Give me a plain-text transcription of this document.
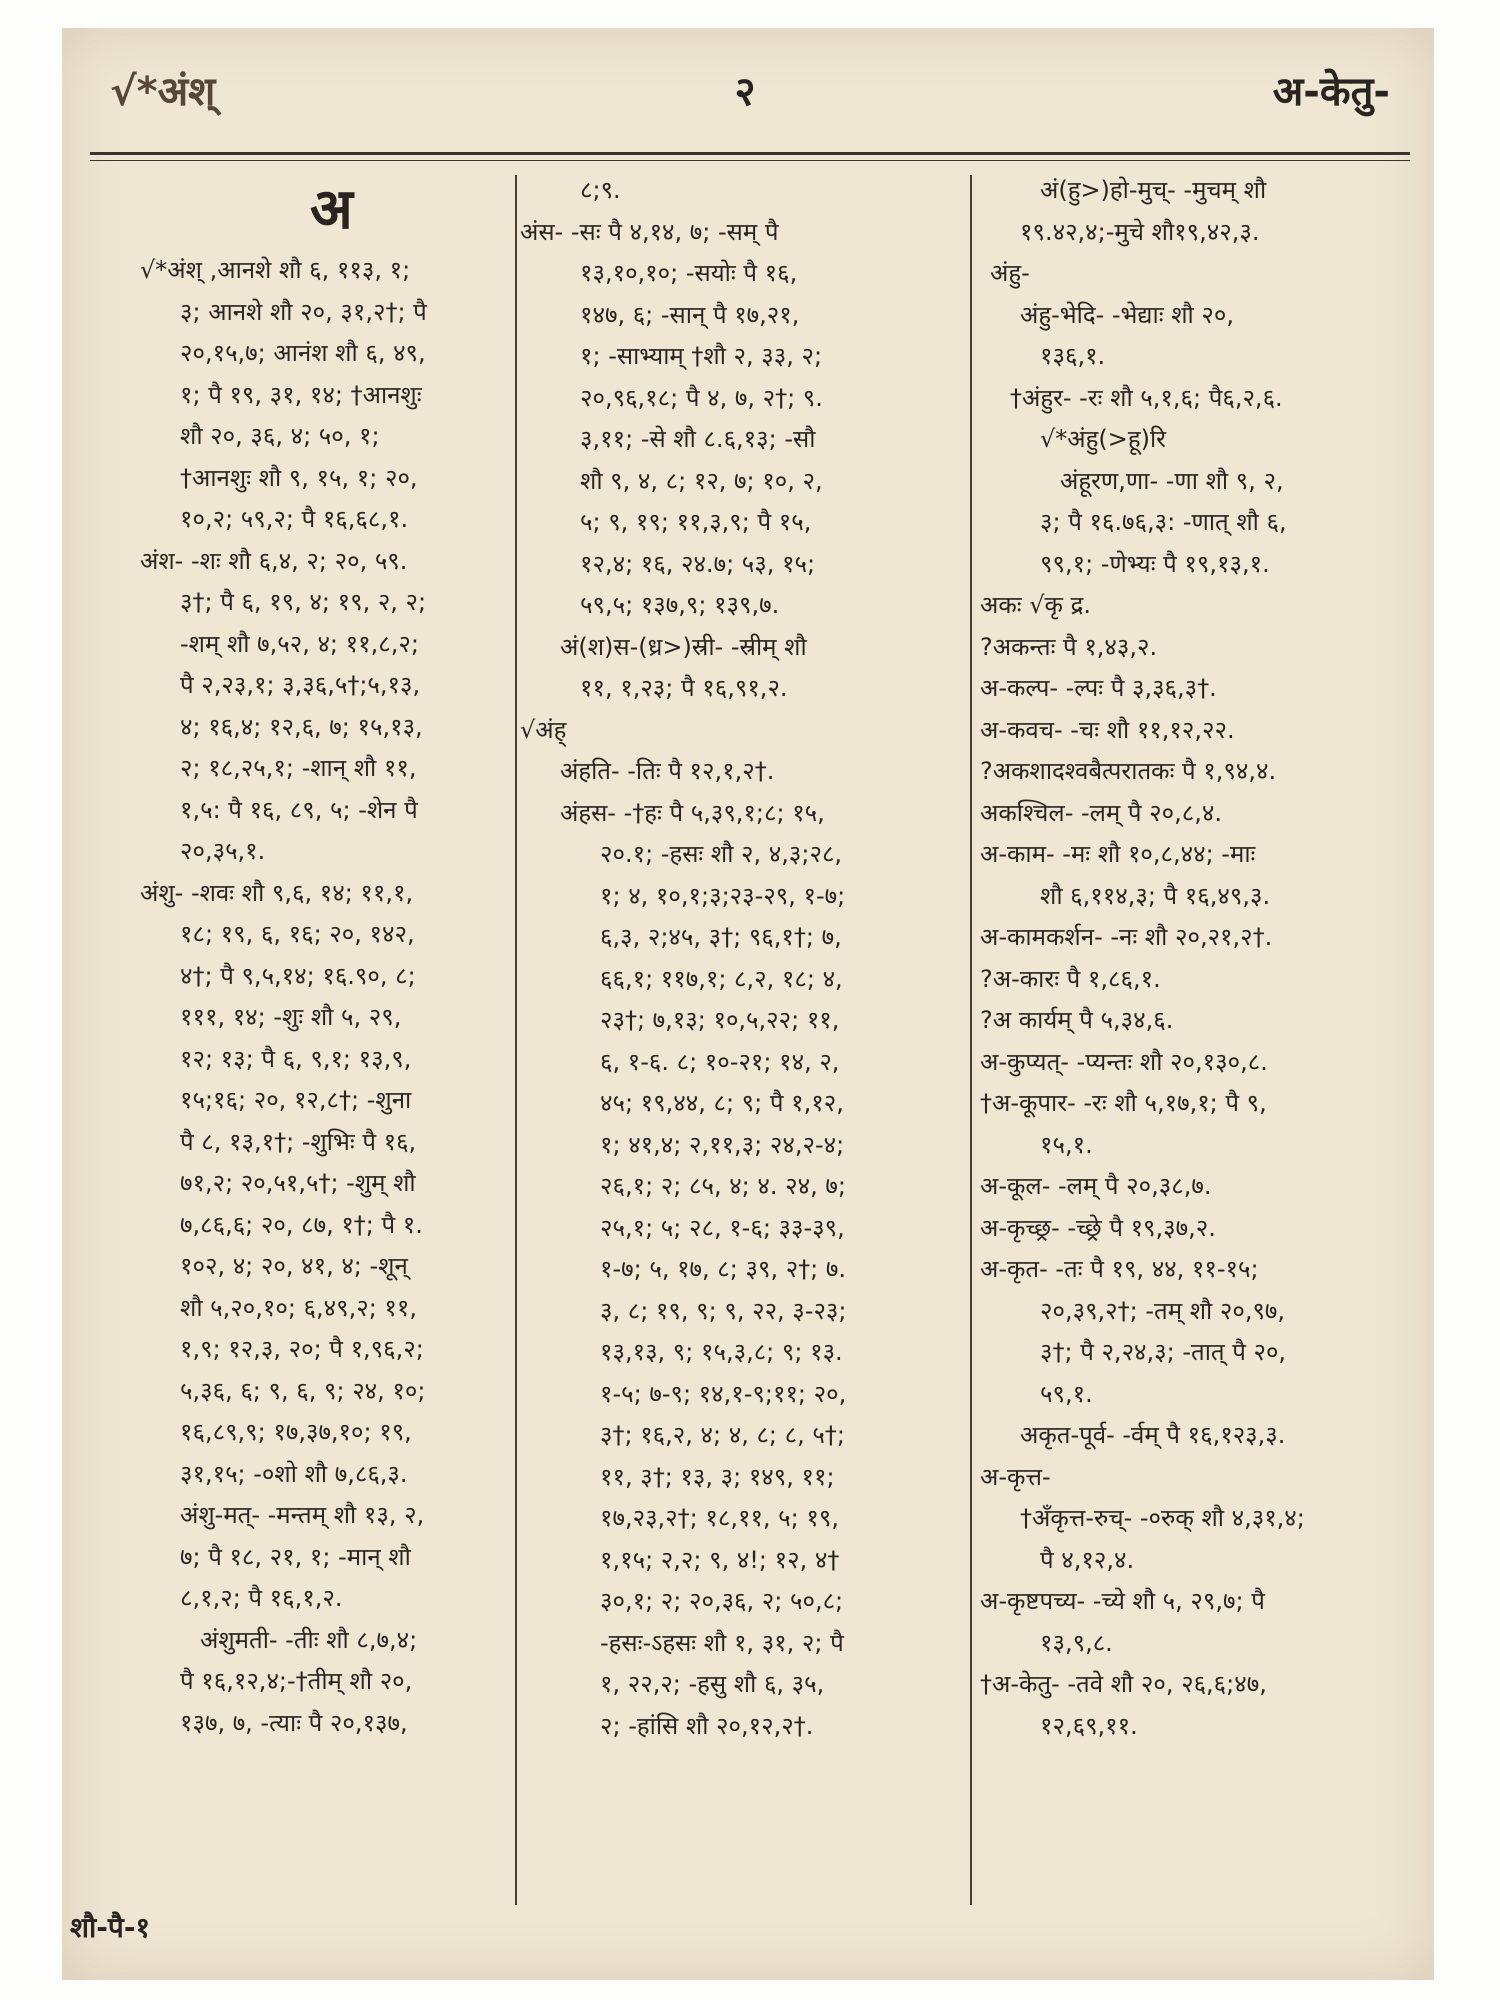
√*अंश्	२	अ-केतु-
अ
√*अंश् ,आनशे शौ ६, ११३, १;
३; आनशे शौ २०, ३१,२†; पै
२०,१५,७; आनंश शौ ६, ४९,
१; पै १९, ३१, १४; †आनशुः
शौ २०, ३६, ४; ५०, १;
†आनशुः शौ ९, १५, १; २०,
१०,२; ५९,२; पै १६,६८,१.
अंश- -शः शौ ६,४, २; २०, ५९.
३†; पै ६, १९, ४; १९, २, २;
-शम् शौ ७,५२, ४; ११,८,२;
पै २,२३,१; ३,३६,५†;५,१३,
४; १६,४; १२,६, ७; १५,१३,
२; १८,२५,१; -शान् शौ ११,
१,५: पै १६, ८९, ५; -शेन पै
२०,३५,१.
अंशु- -शवः शौ ९,६, १४; ११,१,
१८; १९, ६, १६; २०, १४२,
४†; पै ९,५,१४; १६.९०, ८;
१११, १४; -शुः शौ ५, २९,
१२; १३; पै ६, ९,१; १३,९,
१५;१६; २०, १२,८†; -शुना
पै ८, १३,१†; -शुभिः पै १६,
७१,२; २०,५१,५†; -शुम् शौ
७,८६,६; २०, ८७, १†; पै १.
१०२, ४; २०, ४१, ४; -शून्
शौ ५,२०,१०; ६,४९,२; ११,
१,९; १२,३, २०; पै १,९६,२;
५,३६, ६; ९, ६, ९; २४, १०;
१६,८९,९; १७,३७,१०; १९,
३१,१५; -०शो शौ ७,८६,३.
अंशु-मत्- -मन्तम् शौ १३, २,
७; पै १८, २१, १; -मान् शौ
८,१,२; पै १६,१,२.
अंशुमती- -तीः शौ ८,७,४;
पै १६,१२,४;-†तीम् शौ २०,
१३७, ७, -त्याः पै २०,१३७,
८;९.
अंस- -सः पै ४,१४, ७; -सम् पै
१३,१०,१०; -सयोः पै १६,
१४७, ६; -सान् पै १७,२१,
१; -साभ्याम् †शौ २, ३३, २;
२०,९६,१८; पै ४, ७, २†; ९.
३,११; -से शौ ८.६,१३; -सौ
शौ ९, ४, ८; १२, ७; १०, २,
५; ९, १९; ११,३,९; पै १५,
१२,४; १६, २४.७; ५३, १५;
५९,५; १३७,९; १३९,७.
अं(श)स-(ध्र>)स्री- -स्रीम् शौ
११, १,२३; पै १६,९१,२.
√अंह्
अंहति- -तिः पै १२,१,२†.
अंहस- -†हः पै ५,३९,१;८; १५,
२०.१; -हसः शौ २, ४,३;२८,
१; ४, १०,१;३;२३-२९, १-७;
६,३, २;४५, ३†; ९६,१†; ७,
६६,१; ११७,१; ८,२, १८; ४,
२३†; ७,१३; १०,५,२२; ११,
६, १-६. ८; १०-२१; १४, २,
४५; १९,४४, ८; ९; पै १,१२,
१; ४१,४; २,११,३; २४,२-४;
२६,१; २; ८५, ४; ४. २४, ७;
२५,१; ५; २८, १-६; ३३-३९,
१-७; ५, १७, ८; ३९, २†; ७.
३, ८; १९, ९; ९, २२, ३-२३;
१३,१३, ९; १५,३,८; ९; १३.
१-५; ७-९; १४,१-९;११; २०,
३†; १६,२, ४; ४, ८; ८, ५†;
११, ३†; १३, ३; १४९, ११;
१७,२३,२†; १८,११, ५; १९,
१,१५; २,२; ९, ४!; १२, ४†
३०,१; २; २०,३६, २; ५०,८;
-हसः-ऽहसः शौ १, ३१, २; पै
१, २२,२; -हसु शौ ६, ३५,
२; -हांसि शौ २०,१२,२†.
अं(हु>)हो-मुच्- -मुचम् शौ
१९.४२,४;-मुचे शौ१९,४२,३.
अंहु-
अंहु-भेदि- -भेद्याः शौ २०,
१३६,१.
†अंहुर- -रः शौ ५,१,६; पै६,२,६.
√*अंहु(>हू)रि
अंहूरण,णा- -णा शौ ९, २,
३; पै १६.७६,३: -णात् शौ ६,
९९,१; -णेभ्यः पै १९,१३,१.
अकः √कृ द्र.
?अकन्तः पै १,४३,२.
अ-कल्प- -ल्पः पै ३,३६,३†.
अ-कवच- -चः शौ ११,१२,२२.
?अकशादश्वबैत्परातकः पै १,९४,४.
अकश्चिल- -लम् पै २०,८,४.
अ-काम- -मः शौ १०,८,४४; -माः
शौ ६,११४,३; पै १६,४९,३.
अ-कामकर्शन- -नः शौ २०,२१,२†.
?अ-कारः पै १,८६,१.
?अ कार्यम् पै ५,३४,६.
अ-कुप्यत्- -प्यन्तः शौ २०,१३०,८.
†अ-कूपार- -रः शौ ५,१७,१; पै ९,
१५,१.
अ-कूल- -लम् पै २०,३८,७.
अ-कृच्छ्र- -च्छ्रे पै १९,३७,२.
अ-कृत- -तः पै १९, ४४, ११-१५;
२०,३९,२†; -तम् शौ २०,९७,
३†; पै २,२४,३; -तात् पै २०,
५९,१.
अकृत-पूर्व- -र्वम् पै १६,१२३,३.
अ-कृत्त-
†अँकृत्त-रुच्- -०रुक् शौ ४,३१,४;
पै ४,१२,४.
अ-कृष्टपच्य- -च्ये शौ ५, २९,७; पै
१३,९,८.
†अ-केतु- -तवे शौ २०, २६,६;४७,
१२,६९,११.
शौ-पै-१
